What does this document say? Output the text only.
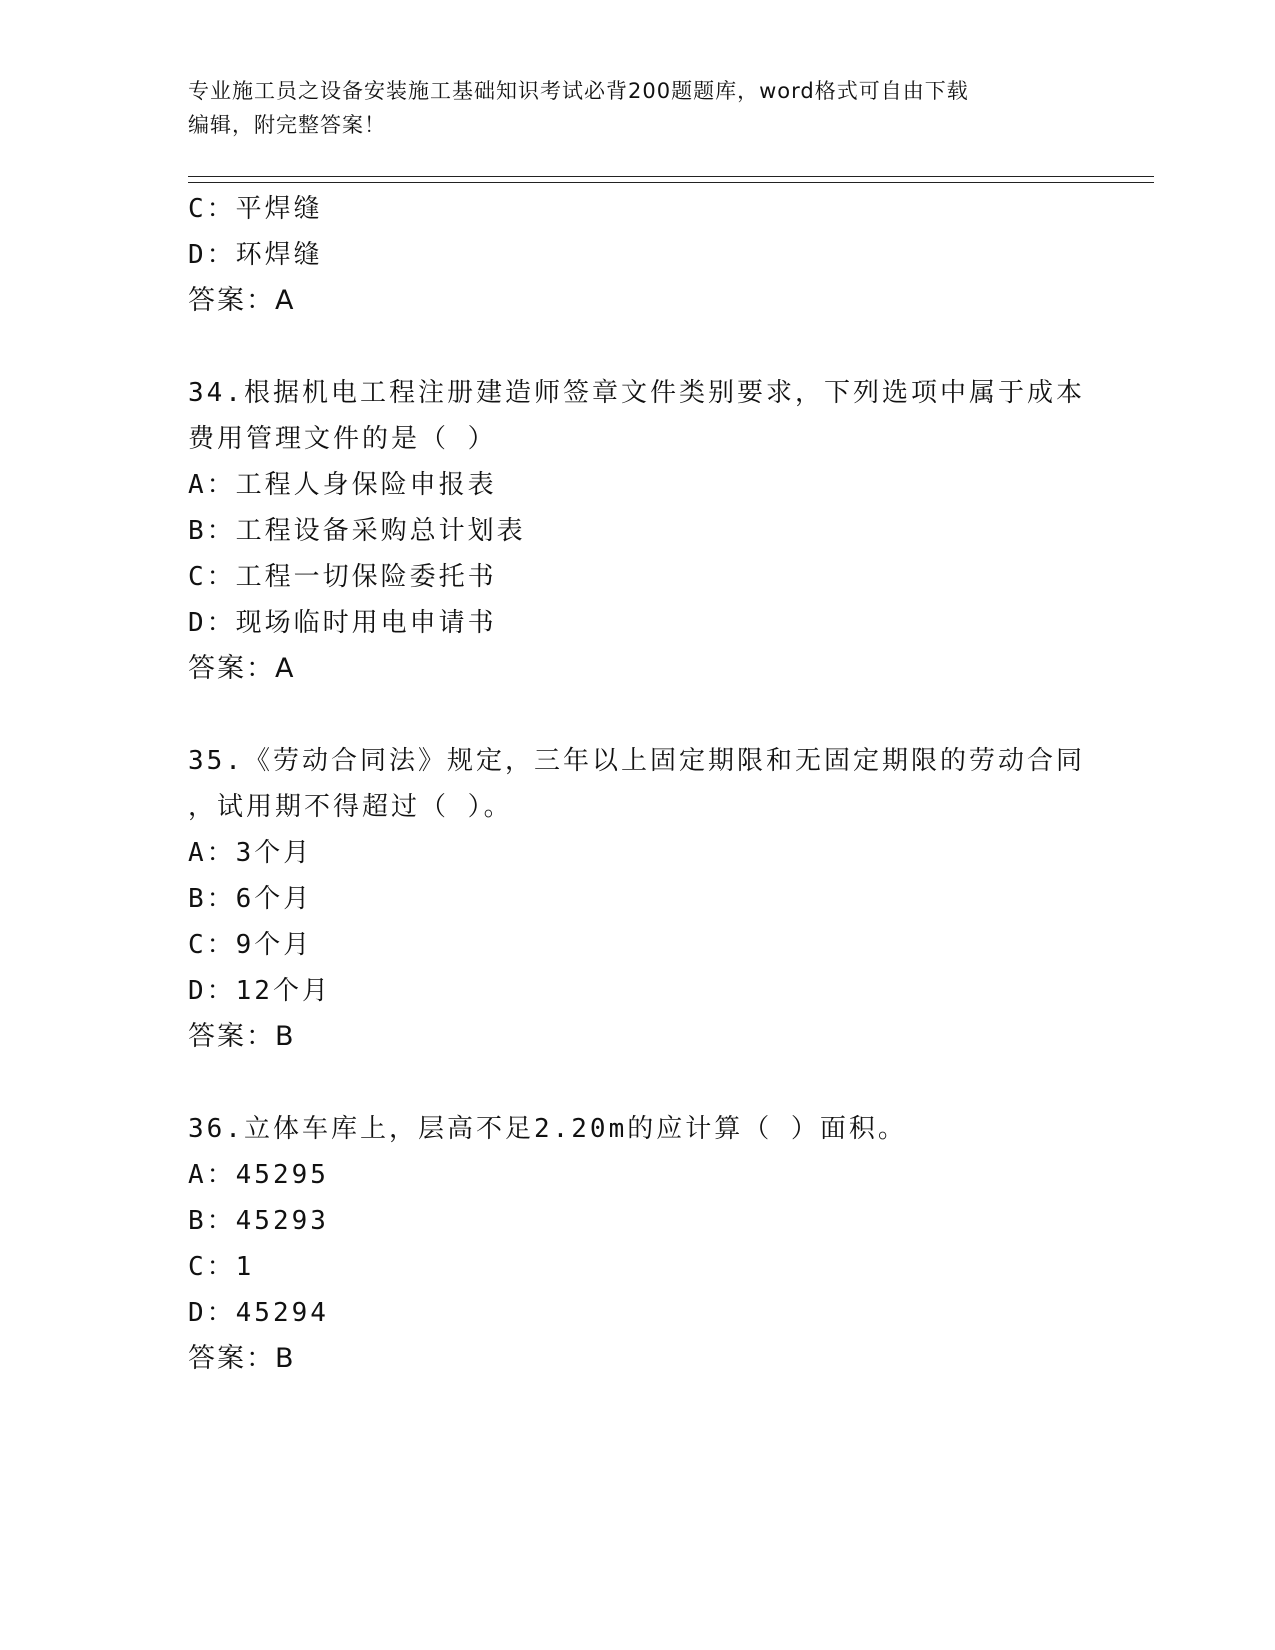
专业施工员之设备安装施工基础知识考试必背200题题库，word格式可自由下载
编辑，附完整答案！
C：平焊缝
D：环焊缝
答案：A
34.根据机电工程注册建造师签章文件类别要求，下列选项中属于成本
费用管理文件的是（ ）
A：工程人身保险申报表
B：工程设备采购总计划表
C：工程一切保险委托书
D：现场临时用电申请书
答案：A
35.《劳动合同法》规定，三年以上固定期限和无固定期限的劳动合同
，试用期不得超过（ ）。
A：3个月
B：6个月
C：9个月
D：12个月
答案：B
36.立体车库上，层高不足2.20m的应计算（ ）面积。
A：45295
B：45293
C：1
D：45294
答案：B
